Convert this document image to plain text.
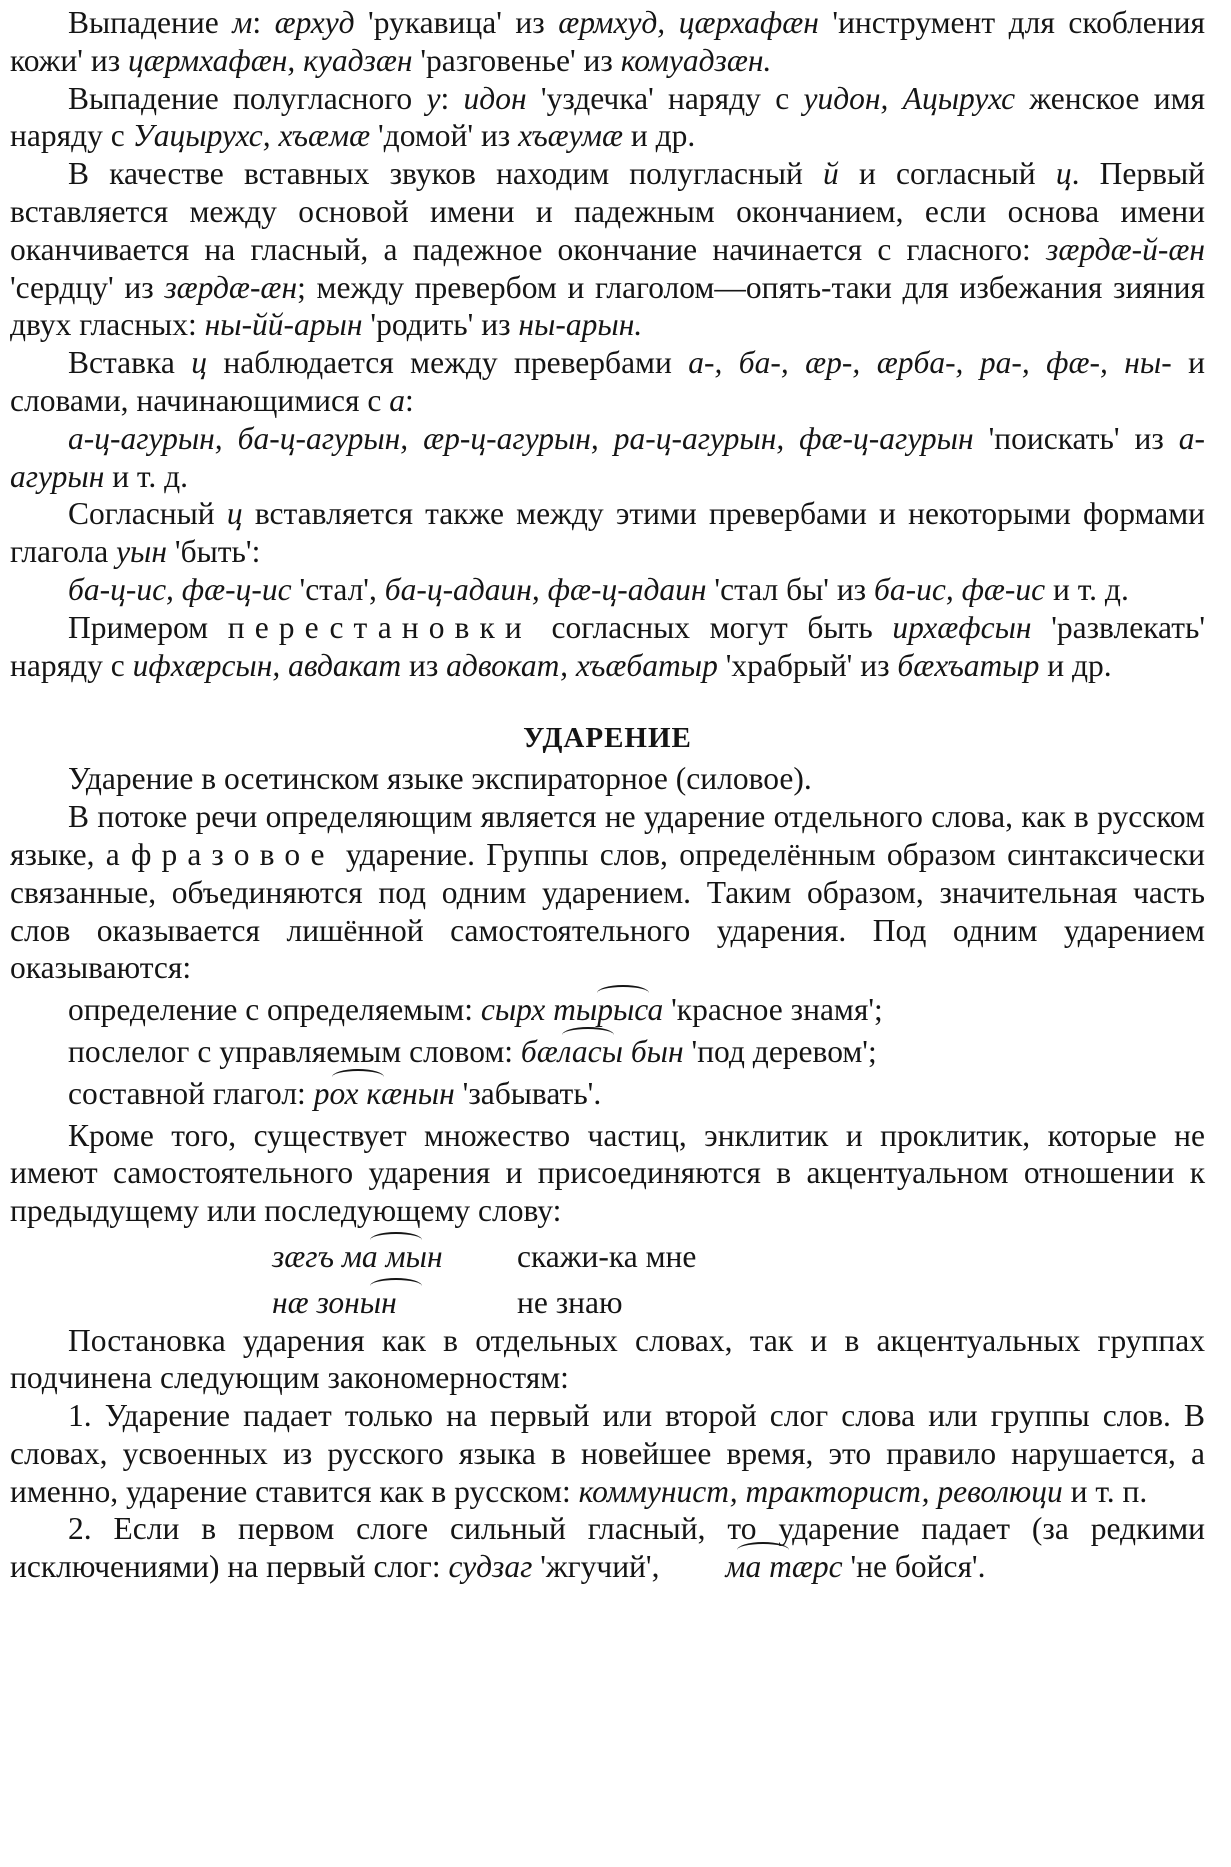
Выпадение м: æрхуд 'рукавица' из æрмхуд, цæрхафæн 'инструмент для скобления кожи' из цæрмхафæн, куадзæн 'разговенье' из комуадзæн.

Выпадение полугласного у: идон 'уздечка' наряду с уидон, Ацырухс женское имя наряду с Уацырухс, хъæмæ 'домой' из хъæумæ и др.

В качестве вставных звуков находим полугласный й и согласный ц. Первый вставляется между основой имени и падежным окончанием, если основа имени оканчивается на гласный, а падежное окончание начинается с гласного: зæрдæ-й-æн 'сердцу' из зæрдæ-æн; между превербом и глаголом—опять-таки для избежания зияния двух гласных: ны-йй-арын 'родить' из ны-арын.

Вставка ц наблюдается между превербами а-, ба-, æр-, æрба-, ра-, фæ-, ны- и словами, начинающимися с а:

а-ц-агурын, ба-ц-агурын, æр-ц-агурын, ра-ц-агурын, фæ-ц-агурын 'поискать' из а-агурын и т. д.

Согласный ц вставляется также между этими превербами и некоторыми формами глагола уын 'быть':

ба-ц-ис, фæ-ц-ис 'стал', ба-ц-адаин, фæ-ц-адаин 'стал бы' из ба-ис, фæ-ис и т. д.

Примером перестановки согласных могут быть ирхæфсын 'развлекать' наряду с ифхæрсын, авдакат из адвокат, хъæбатыр 'храбрый' из бæхъатыр и др.

УДАРЕНИЕ

Ударение в осетинском языке экспираторное (силовое).

В потоке речи определяющим является не ударение отдельного слова, как в русском языке, а фразовое ударение. Группы слов, определённым образом синтаксически связанные, объединяются под одним ударением. Таким образом, значительная часть слов оказывается лишённой самостоятельного ударения. Под одним ударением оказываются:

определение с определяемым: сырх тырыса 'красное знамя';

послелог с управляемым словом: бæласы бын 'под деревом';

составной глагол: рох кæнын 'забывать'.

Кроме того, существует множество частиц, энклитик и проклитик, которые не имеют самостоятельного ударения и присоединяются в акцентуальном отношении к предыдущему или последующему слову:

зæгъ ма мын скажи-ка мне

нæ зонын	не знаю

Постановка ударения как в отдельных словах, так и в акцентуальных группах подчинена следующим закономерностям:

1. Ударение падает только на первый или второй слог слова или группы слов. В словах, усвоенных из русского языка в новейшее время, это правило нарушается, а именно, ударение ставится как в русском: коммунист, тракторист, революци и т. п.

2. Если в первом слоге сильный гласный, то ударение падает (за редкими исключениями) на первый слог: судзаг 'жгучий', ма тæрс 'не бойся'.
